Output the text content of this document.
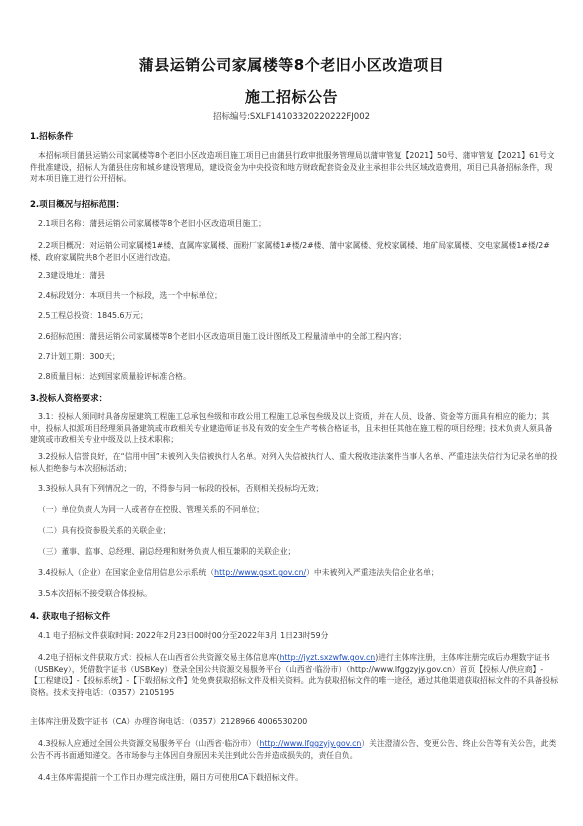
蒲县运销公司家属楼等8个老旧小区改造项目
施工招标公告
招标编号:SXLF14103320220222FJ002
1.招标条件
本招标项目蒲县运销公司家属楼等8个老旧小区改造项目施工项目已由蒲县行政审批服务管理局以蒲审管复【2021】50号、蒲审管复【2021】61号文件批准建设，招标人为蒲县住房和城乡建设管理局，建设资金为中央投资和地方财政配套资金及业主承担非公共区域改造费用，项目已具备招标条件，现对本项目施工进行公开招标。
2.项目概况与招标范围：
2.1项目名称：蒲县运销公司家属楼等8个老旧小区改造项目施工；
2.2项目概况：对运销公司家属楼1#楼、直属库家属楼、面粉厂家属楼1#楼/2#楼、蒲中家属楼、党校家属楼、地矿局家属楼、交电家属楼1#楼/2#楼、政府家属院共8个老旧小区进行改造。
2.3建设地址：蒲县
2.4标段划分：本项目共一个标段，选一个中标单位；
2.5工程总投资：1845.6万元；
2.6招标范围：蒲县运销公司家属楼等8个老旧小区改造项目施工设计图纸及工程量清单中的全部工程内容；
2.7计划工期：300天；
2.8质量目标：达到国家质量验评标准合格。
3.投标人资格要求：
3.1：投标人须同时具备房屋建筑工程施工总承包叁级和市政公用工程施工总承包叁级及以上资质，并在人员、设备、资金等方面具有相应的能力；其中，投标人拟派项目经理须具备建筑或市政相关专业建造师证书及有效的安全生产考核合格证书，且未担任其他在施工程的项目经理；技术负责人须具备建筑或市政相关专业中级及以上技术职称；
3.2投标人信誉良好，在“信用中国”未被列入失信被执行人名单。对列入失信被执行人、重大税收违法案件当事人名单、严重违法失信行为记录名单的投标人拒绝参与本次招标活动；
3.3投标人具有下列情况之一的，不得参与同一标段的投标，否则相关投标均无效；
（一）单位负责人为同一人或者存在控股、管理关系的不同单位；
（二）具有投资参股关系的关联企业；
（三）董事、监事、总经理、副总经理和财务负责人相互兼职的关联企业；
3.4投标人（企业）在国家企业信用信息公示系统（http://www.gsxt.gov.cn/）中未被列入严重违法失信企业名单；
3.5本次招标不接受联合体投标。
4. 获取电子招标文件
4.1 电子招标文件获取时间: 2022年2月23日00时00分至2022年3月 1日23时59分
4.2电子招标文件获取方式：投标人在山西省公共资源交易主体信息库(http://jyzt.sxzwfw.gov.cn)进行主体库注册，主体库注册完成后办理数字证书（USBKey），凭借数字证书（USBKey）登录全国公共资源交易服务平台（山西省·临汾市）（http://www.lfggzyjy.gov.cn）首页【投标人/供应商】-【工程建设】-【投标系统】-【下载招标文件】处免费获取招标文件及相关资料。此为获取招标文件的唯一途径，通过其他渠道获取招标文件的不具备投标资格。技术支持电话：（0357）2105195
主体库注册及数字证书（CA）办理咨询电话：（0357）2128966 4006530200
4.3投标人应通过全国公共资源交易服务平台（山西省·临汾市）（http://www.lfggzyjy.gov.cn）关注澄清公告、变更公告、终止公告等有关公告，此类公告不再书面通知递交。各市场参与主体因自身原因未关注到此公告并造成损失的，责任自负。
4.4主体库需提前一个工作日办理完成注册，隔日方可使用CA下载招标文件。
